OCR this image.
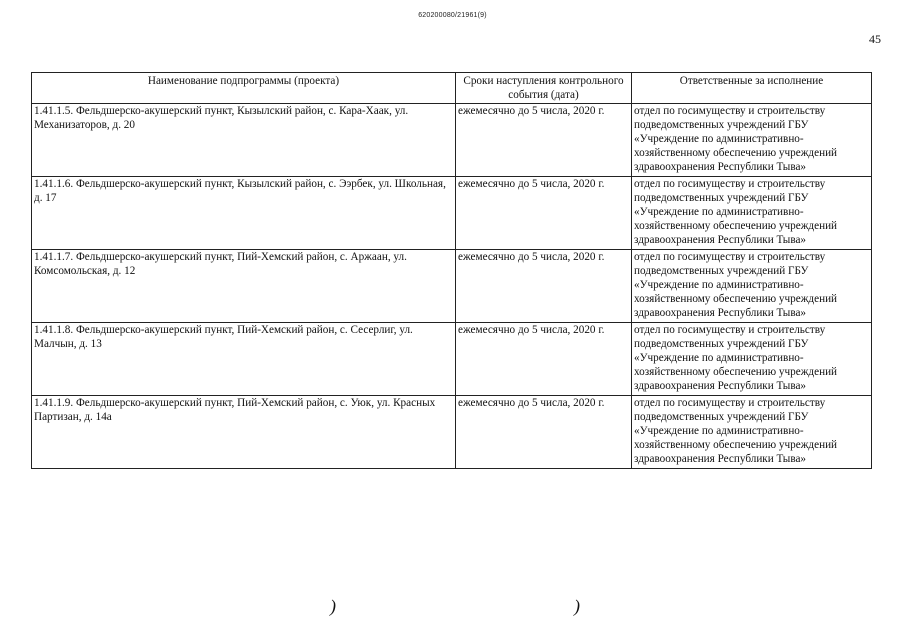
620200080/21961(9)
45
Наименование подпрограммы (проекта)	Сроки наступления контрольного события (дата)	Ответственные за исполнение
1.41.1.5. Фельдшерско-акушерский пункт, Кызылский район, с. Кара-Хаак, ул. Механизаторов, д. 20	ежемесячно до 5 числа, 2020 г.	отдел по госимуществу и строительству подведомственных учреждений ГБУ «Учреждение по административно-хозяйственному обеспечению учреждений здравоохранения Республики Тыва»
1.41.1.6. Фельдшерско-акушерский пункт, Кызылский район, с. Ээрбек, ул. Школьная, д. 17	ежемесячно до 5 числа, 2020 г.	отдел по госимуществу и строительству подведомственных учреждений ГБУ «Учреждение по административно-хозяйственному обеспечению учреждений здравоохранения Республики Тыва»
1.41.1.7. Фельдшерско-акушерский пункт, Пий-Хемский район, с. Аржаан, ул. Комсомольская, д. 12	ежемесячно до 5 числа, 2020 г.	отдел по госимуществу и строительству подведомственных учреждений ГБУ «Учреждение по административно-хозяйственному обеспечению учреждений здравоохранения Республики Тыва»
1.41.1.8. Фельдшерско-акушерский пункт, Пий-Хемский район, с. Сесерлиг, ул. Малчын, д. 13	ежемесячно до 5 числа, 2020 г.	отдел по госимуществу и строительству подведомственных учреждений ГБУ «Учреждение по административно-хозяйственному обеспечению учреждений здравоохранения Республики Тыва»
1.41.1.9. Фельдшерско-акушерский пункт, Пий-Хемский район, с. Уюк, ул. Красных Партизан, д. 14а	ежемесячно до 5 числа, 2020 г.	отдел по госимуществу и строительству подведомственных учреждений ГБУ «Учреждение по административно-хозяйственному обеспечению учреждений здравоохранения Республики Тыва»
)	)
